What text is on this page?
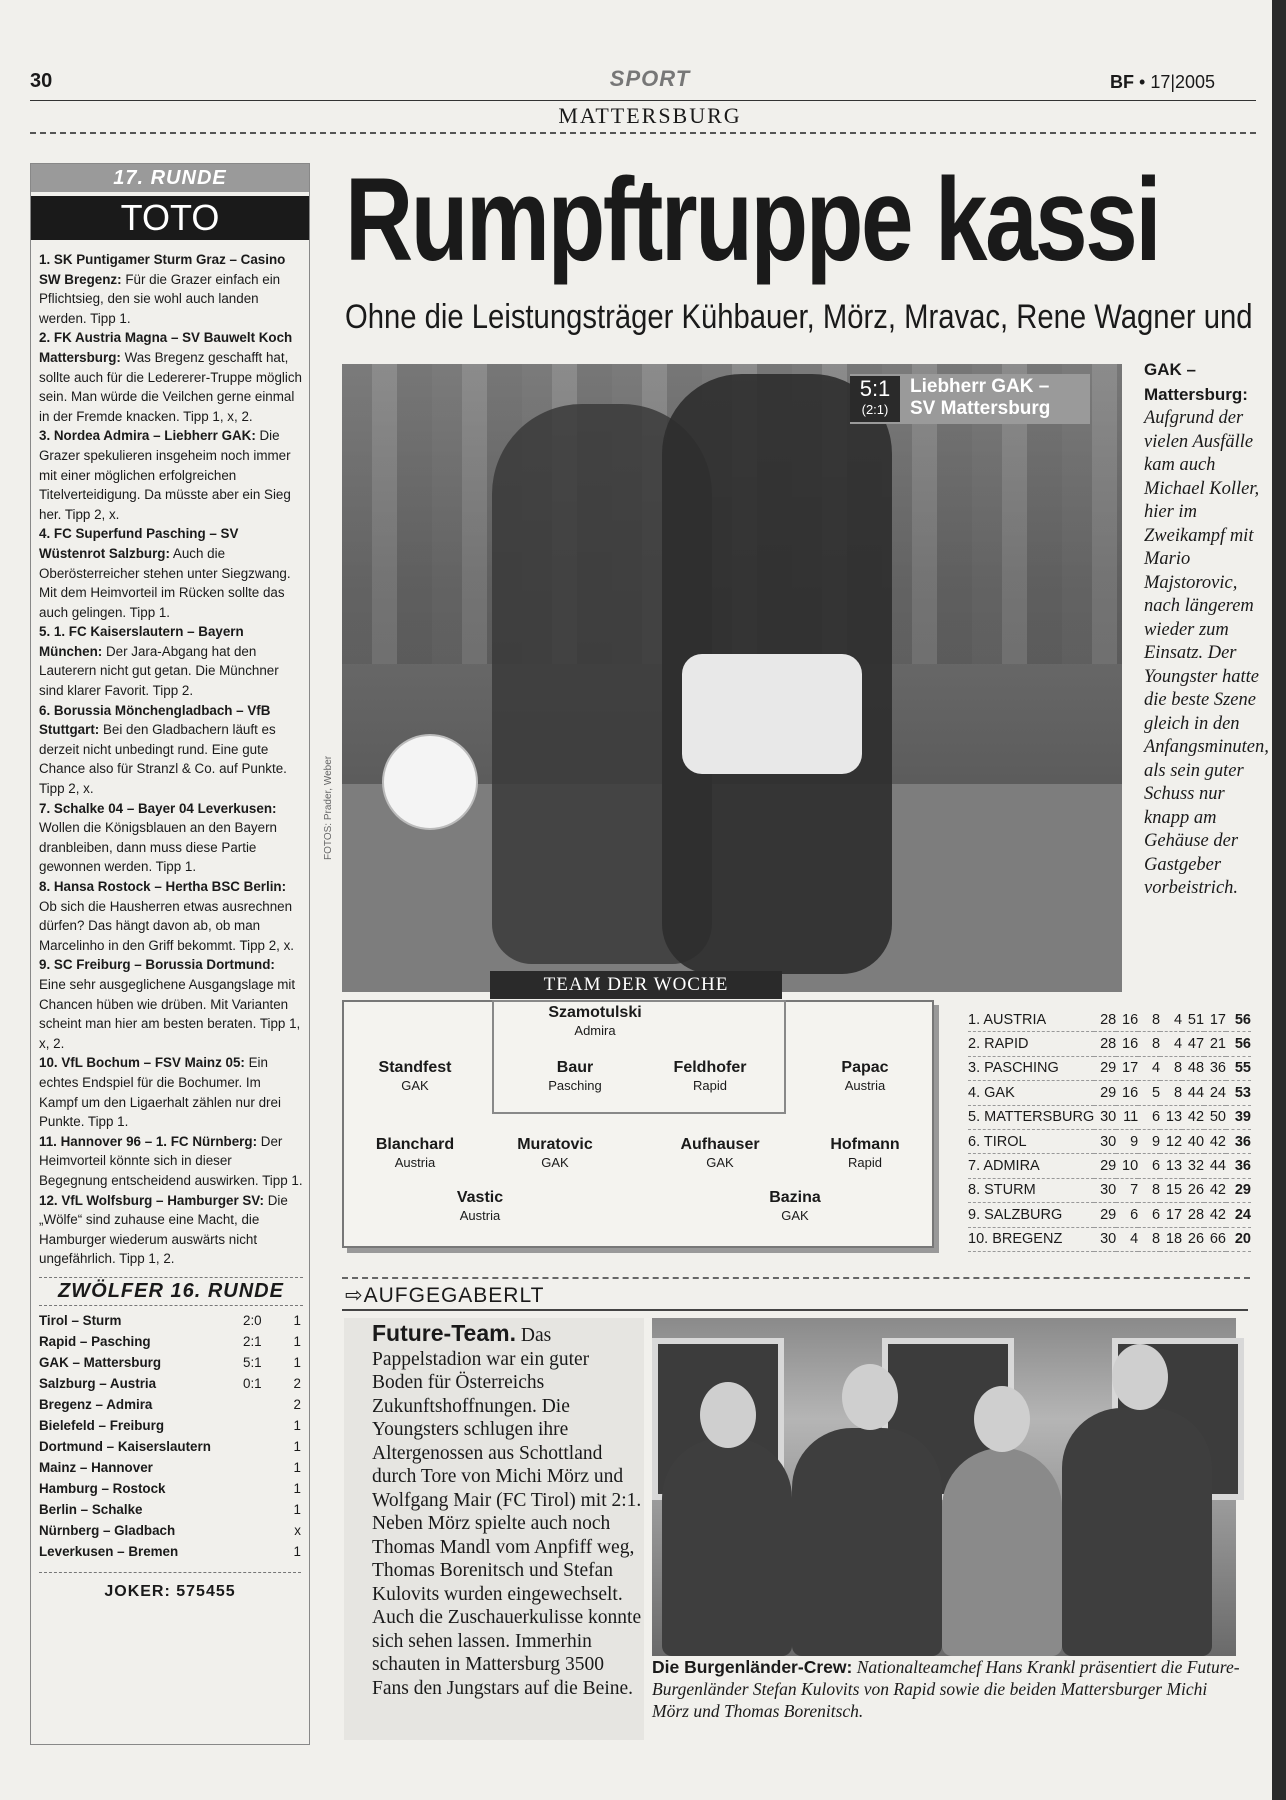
30	SPORT	BF • 17|2005
MATTERSBURG
17. RUNDE
TOTO

1. SK Puntigamer Sturm Graz – Casino SW Bregenz: Für die Grazer einfach ein Pflichtsieg, den sie wohl auch landen werden. Tipp 1.

2. FK Austria Magna – SV Bauwelt Koch Mattersburg: Was Bregenz geschafft hat, sollte auch für die Ledererer-Truppe möglich sein. Man würde die Veilchen gerne einmal in der Fremde knacken. Tipp 1, x, 2.

3. Nordea Admira – Liebherr GAK: Die Grazer spekulieren insgeheim noch immer mit einer möglichen erfolgreichen Titelverteidigung. Da müsste aber ein Sieg her. Tipp 2, x.

4. FC Superfund Pasching – SV Wüstenrot Salzburg: Auch die Oberösterreicher stehen unter Siegzwang. Mit dem Heimvorteil im Rücken sollte das auch gelingen. Tipp 1.

5. 1. FC Kaiserslautern – Bayern München: Der Jara-Abgang hat den Lauterern nicht gut getan. Die Münchner sind klarer Favorit. Tipp 2.

6. Borussia Mönchengladbach – VfB Stuttgart: Bei den Gladbachern läuft es derzeit nicht unbedingt rund. Eine gute Chance also für Stranzl & Co. auf Punkte. Tipp 2, x.

7. Schalke 04 – Bayer 04 Leverkusen: Wollen die Königsblauen an den Bayern dranbleiben, dann muss diese Partie gewonnen werden. Tipp 1.

8. Hansa Rostock – Hertha BSC Berlin: Ob sich die Hausherren etwas ausrechnen dürfen? Das hängt davon ab, ob man Marcelinho in den Griff bekommt. Tipp 2, x.

9. SC Freiburg – Borussia Dortmund: Eine sehr ausgeglichene Ausgangslage mit Chancen hüben wie drüben. Mit Varianten scheint man hier am besten beraten. Tipp 1, x, 2.

10. VfL Bochum – FSV Mainz 05: Ein echtes Endspiel für die Bochumer. Im Kampf um den Ligaerhalt zählen nur drei Punkte. Tipp 1.

11. Hannover 96 – 1. FC Nürnberg: Der Heimvorteil könnte sich in dieser Begegnung entscheidend auswirken. Tipp 1.

12. VfL Wolfsburg – Hamburger SV: Die „Wölfe“ sind zuhause eine Macht, die Hamburger wiederum auswärts nicht ungefährlich. Tipp 1, 2.

ZWÖLFER 16. RUNDE
Tirol – Sturm	2:0	1
Rapid – Pasching	2:1	1
GAK – Mattersburg	5:1	1
Salzburg – Austria	0:1	2
Bregenz – Admira		2
Bielefeld – Freiburg		1
Dortmund – Kaiserslautern		1
Mainz – Hannover		1
Hamburg – Rostock		1
Berlin – Schalke		1
Nürnberg – Gladbach		x
Leverkusen – Bremen		1
JOKER: 575455
Rumpftruppe kassi
Ohne die Leistungsträger Kühbauer, Mörz, Mravac, Rene Wagner und
5:1
(2:1)
Liebherr GAK –
SV Mattersburg
FOTOS: Prader, Weber
GAK – Mattersburg: Aufgrund der vielen Ausfälle kam auch Michael Koller, hier im Zweikampf mit Mario Majstorovic, nach längerem wieder zum Einsatz. Der Youngster hatte die beste Szene gleich in den Anfangsminuten, als sein guter Schuss nur knapp am Gehäuse der Gastgeber vorbeistrich.
TEAM DER WOCHE
Szamotulski
Admira
Standfest
GAK
Baur
Pasching
Feldhofer
Rapid
Papac
Austria
Blanchard
Austria
Muratovic
GAK
Aufhauser
GAK
Hofmann
Rapid
Vastic
Austria
Bazina
GAK
1. AUSTRIA	28	16	8	4	51	17	56
2. RAPID	28	16	8	4	47	21	56
3. PASCHING	29	17	4	8	48	36	55
4. GAK	29	16	5	8	44	24	53
5. MATTERSBURG	30	11	6	13	42	50	39
6. TIROL	30	9	9	12	40	42	36
7. ADMIRA	29	10	6	13	32	44	36
8. STURM	30	7	8	15	26	42	29
9. SALZBURG	29	6	6	17	28	42	24
10. BREGENZ	30	4	8	18	26	66	20
⇨AUFGEGABERLT
Future-Team. Das Pappelstadion war ein guter Boden für Österreichs Zukunftshoffnungen. Die Youngsters schlugen ihre Altergenossen aus Schottland durch Tore von Michi Mörz und Wolfgang Mair (FC Tirol) mit 2:1. Neben Mörz spielte auch noch Thomas Mandl vom Anpfiff weg, Thomas Borenitsch und Stefan Kulovits wurden eingewechselt. Auch die Zuschauerkulisse konnte sich sehen lassen. Immerhin schauten in Mattersburg 3500 Fans den Jungstars auf die Beine.
Die Burgenländer-Crew: Nationalteamchef Hans Krankl präsentiert die Future-Burgenländer Stefan Kulovits von Rapid sowie die beiden Mattersburger Michi Mörz und Thomas Borenitsch.
